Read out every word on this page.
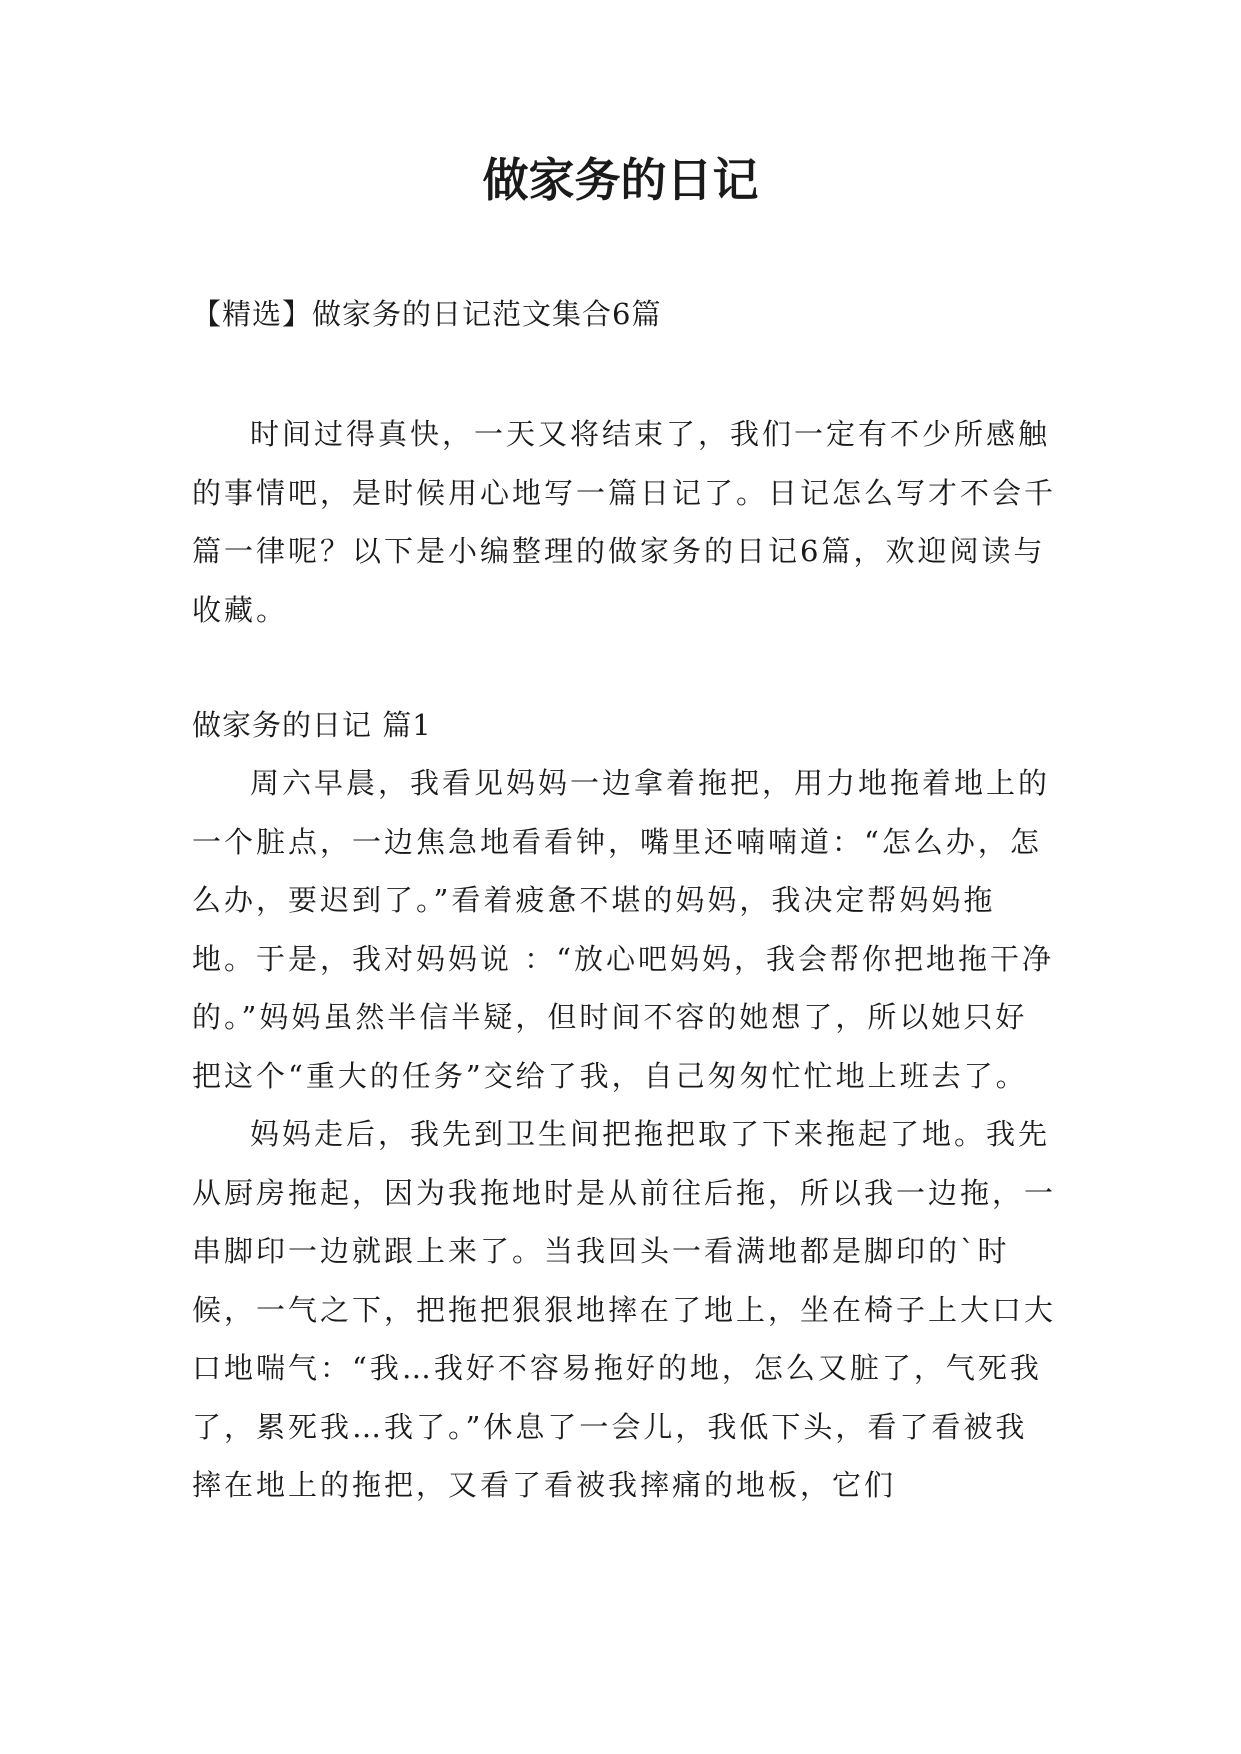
做家务的日记
【精选】做家务的日记范文集合6篇

时间过得真快，一天又将结束了，我们一定有不少所感触的事情吧，是时候用心地写一篇日记了。日记怎么写才不会千篇一律呢？以下是小编整理的做家务的日记6篇，欢迎阅读与收藏。

做家务的日记 篇1

周六早晨，我看见妈妈一边拿着拖把，用力地拖着地上的一个脏点，一边焦急地看看钟，嘴里还喃喃道：“怎么办，怎么办，要迟到了。”看着疲惫不堪的妈妈，我决定帮妈妈拖地。于是，我对妈妈说 ：“放心吧妈妈，我会帮你把地拖干净的。”妈妈虽然半信半疑，但时间不容的她想了，所以她只好把这个“重大的任务”交给了我，自己匆匆忙忙地上班去了。

妈妈走后，我先到卫生间把拖把取了下来拖起了地。我先从厨房拖起，因为我拖地时是从前往后拖，所以我一边拖，一串脚印一边就跟上来了。当我回头一看满地都是脚印的`时候，一气之下，把拖把狠狠地摔在了地上，坐在椅子上大口大口地喘气：“我…我好不容易拖好的地，怎么又脏了，气死我了，累死我…我了。”休息了一会儿，我低下头，看了看被我摔在地上的拖把，又看了看被我摔痛的地板，它们
